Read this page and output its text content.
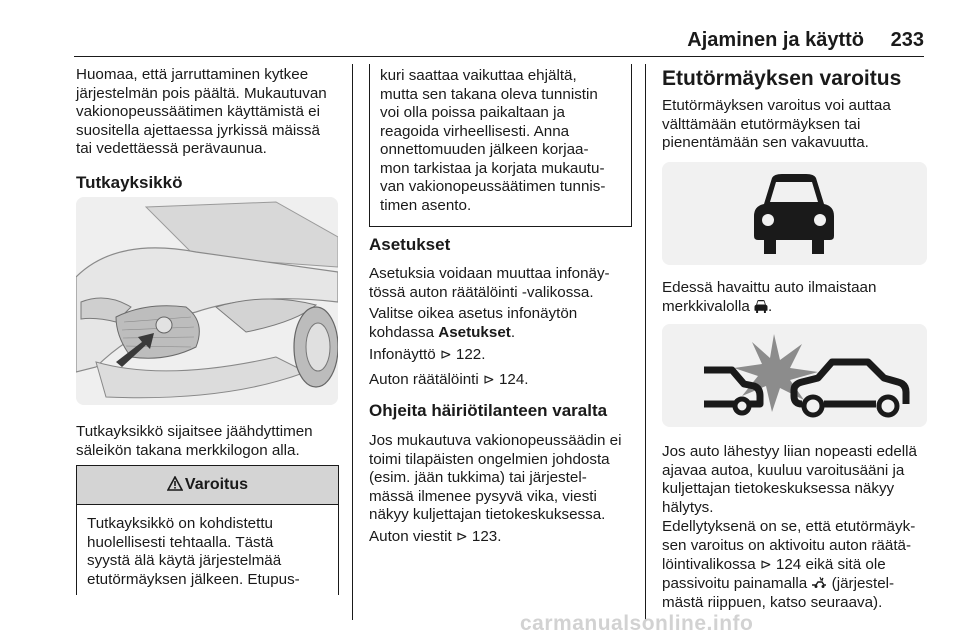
Ajaminen ja käyttö 233
Huomaa, että jarruttaminen kytkee
järjestelmän pois päältä. Mukautuvan
vakionopeussäätimen käyttämistä ei
suositella ajettaessa jyrkissä mäissä
tai vedettäessä perävaunua.
Tutkayksikkö
Tutkayksikkö sijaitsee jäähdyttimen
säleikön takana merkkilogon alla.
Varoitus
Tutkayksikkö on kohdistettu
huolellisesti tehtaalla. Tästä
syystä älä käytä järjestelmää
etutörmäyksen jälkeen. Etupus-
kuri saattaa vaikuttaa ehjältä,
mutta sen takana oleva tunnistin
voi olla poissa paikaltaan ja
reagoida virheellisesti. Anna
onnettomuuden jälkeen korjaa-
mon tarkistaa ja korjata mukautu-
van vakionopeussäätimen tunnis-
timen asento.
Asetukset
Asetuksia voidaan muuttaa infonäy-
tössä auton räätälöinti -valikossa.
Valitse oikea asetus infonäytön
kohdassa Asetukset.
Infonäyttö ⊳ 122.
Auton räätälöinti ⊳ 124.
Ohjeita häiriötilanteen varalta
Jos mukautuva vakionopeussäädin ei
toimi tilapäisten ongelmien johdosta
(esim. jään tukkima) tai järjestel-
mässä ilmenee pysyvä vika, viesti
näkyy kuljettajan tietokeskuksessa.
Auton viestit ⊳ 123.
Etutörmäyksen varoitus
Etutörmäyksen varoitus voi auttaa
välttämään etutörmäyksen tai
pienentämään sen vakavuutta.
Edessä havaittu auto ilmaistaan
merkkivalolla .
Jos auto lähestyy liian nopeasti edellä
ajavaa autoa, kuuluu varoitusääni ja
kuljettajan tietokeskuksessa näkyy
hälytys.
Edellytyksenä on se, että etutörmäyk-
sen varoitus on aktivoitu auton räätä-
löintivalikossa ⊳ 124 eikä sitä ole
passivoitu painamalla  (järjestel-
mästä riippuen, katso seuraava).
carmanualsonline.info
